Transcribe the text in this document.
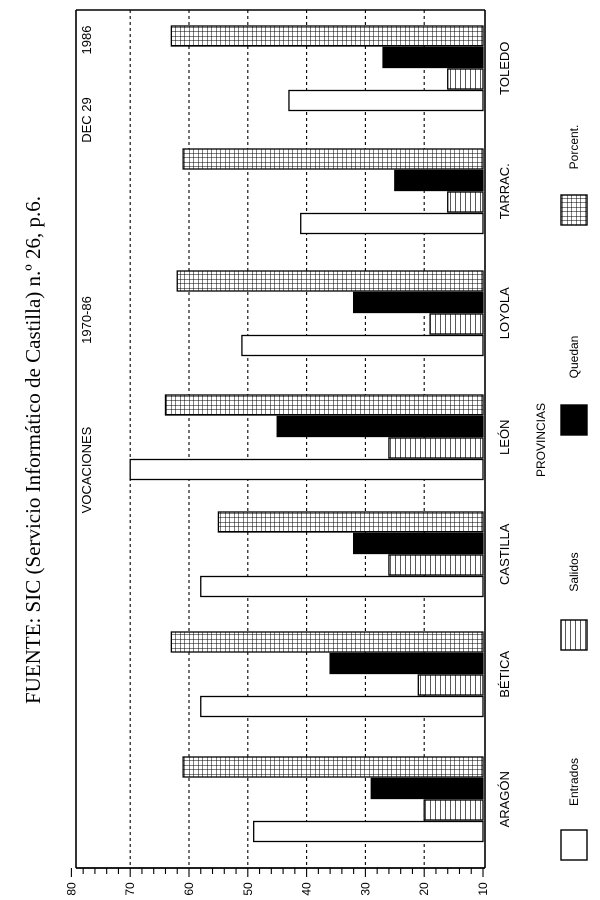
FUENTE: SIC (Servicio Informático de Castilla) n.º 26, p.6.	VOCACIONES
1970-86
DEC 29
1986
10
20
30
40
50
60
70
80
ARAGÓN
BÉTICA
CASTILLA
LEÓN
LOYOLA
TARRAC.
TOLEDO
PROVINCIAS
Entrados
Salidos
Quedan
Porcent.
